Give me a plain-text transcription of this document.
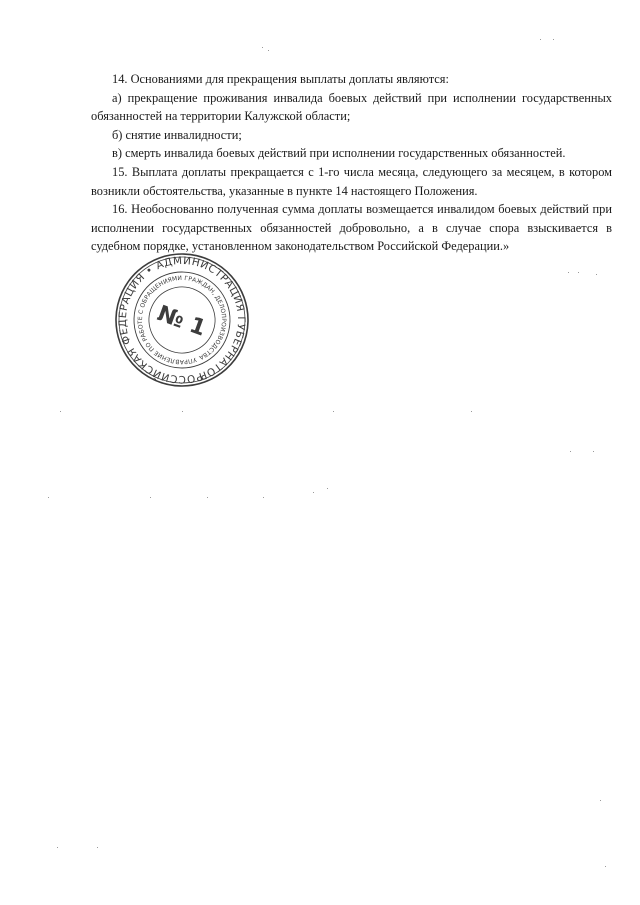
14. Основаниями для прекращения выплаты доплаты являются:

а) прекращение проживания инвалида боевых действий при исполнении государственных обязанностей на территории Калужской области;

б) снятие инвалидности;

в) смерть инвалида боевых действий при исполнении государственных обязанностей.

15. Выплата доплаты прекращается с 1-го числа месяца, следующего за месяцем, в котором возникли обстоятельства, указанные в пункте 14 настоящего Положения.

16. Необоснованно полученная сумма доплаты возмещается инвалидом боевых действий при исполнении государственных обязанностей добровольно, а в случае спора взыскивается в судебном порядке, установленном законодательством Российской Федерации.»

РОССИЙСКАЯ ФЕДЕРАЦИЯ • АДМИНИСТРАЦИЯ ГУБЕРНАТОРА
УПРАВЛЕНИЕ ПО РАБОТЕ С ОБРАЩЕНИЯМИ ГРАЖДАН, ДЕЛОПРОИЗВОДСТВА
№ 1
